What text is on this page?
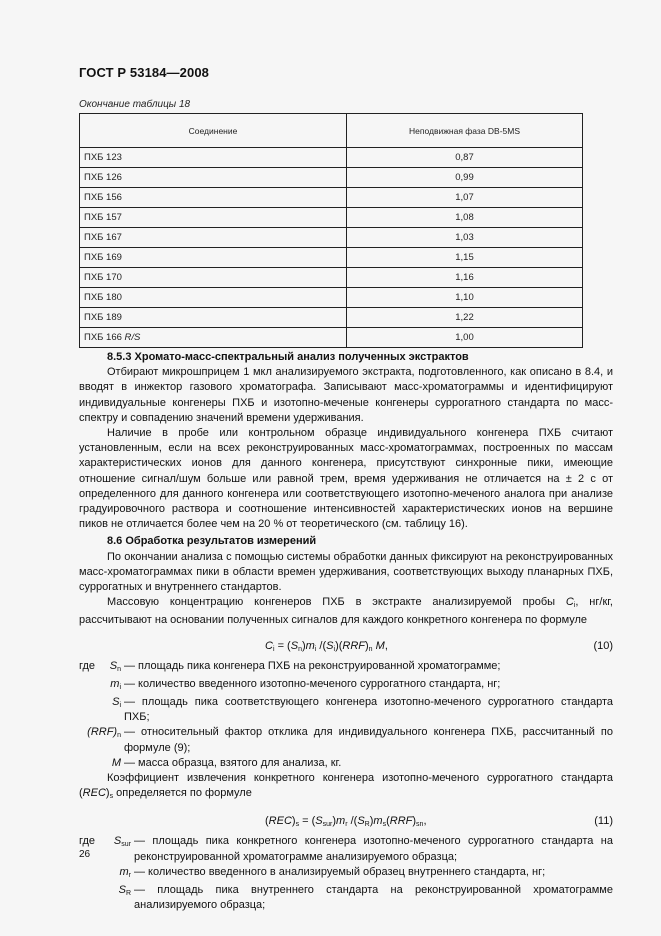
ГОСТ Р 53184—2008
Окончание таблицы 18
Соединение	Неподвижная фаза DB-5MS
ПХБ 123	0,87
ПХБ 126	0,99
ПХБ 156	1,07
ПХБ 157	1,08
ПХБ 167	1,03
ПХБ 169	1,15
ПХБ 170	1,16
ПХБ 180	1,10
ПХБ 189	1,22
ПХБ 166 R/S	1,00

8.5.3 Хромато-масс-спектральный анализ полученных экстрактов

Отбирают микрошприцем 1 мкл анализируемого экстракта, подготовленного, как описано в 8.4, и вводят в инжектор газового хроматографа. Записывают масс-хроматограммы и идентифицируют индивидуальные конгенеры ПХБ и изотопно-меченые конгенеры суррогатного стандарта по масс-спектру и совпадению значений времени удерживания.

Наличие в пробе или контрольном образце индивидуального конгенера ПХБ считают установленным, если на всех реконструированных масс-хроматограммах, построенных по массам характеристических ионов для данного конгенера, присутствуют синхронные пики, имеющие отношение сигнал/шум больше или равной трем, время удерживания не отличается на ± 2 с от определенного для данного конгенера или соответствующего изотопно-меченого аналога при анализе градуировочного раствора и соотношение интенсивностей характеристических ионов на вершине пиков не отличается более чем на 20 % от теоретического (см. таблицу 16).

8.6 Обработка результатов измерений

По окончании анализа с помощью системы обработки данных фиксируют на реконструированных масс-хроматограммах пики в области времен удерживания, соответствующих выходу планарных ПХБ, суррогатных и внутреннего стандартов.

Массовую концентрацию конгенеров ПХБ в экстракте анализируемой пробы $C_i$, нг/кг, рассчитывают на основании полученных сигналов для каждого конкретного конгенера по формуле

$C_i = (S_n)m_i$ $/(S_i)(RRF)_n$ M,	(10)
где $S_n$ — площадь пика конгенера ПХБ на реконструированной хроматограмме;
$m_i$ — количество введенного изотопно-меченого суррогатного стандарта, нг;
$S_i$ — площадь пика соответствующего конгенера изотопно-меченого суррогатного стандарта ПХБ;
$(RRF)_n$ — относительный фактор отклика для индивидуального конгенера ПХБ, рассчитанный по формуле (9);
M — масса образца, взятого для анализа, кг.

Коэффициент извлечения конкретного конгенера изотопно-меченого суррогатного стандарта $(REC)_s$ определяется по формуле

$(REC)_s = (S_{sur})m_r$ $/(S_R)m_s(RRF)_{sn}$,	(11)
где $S_{sur}$ — площадь пика конкретного конгенера изотопно-меченого суррогатного стандарта на реконструированной хроматограмме анализируемого образца;
$m_r$ — количество введенного в анализируемый образец внутреннего стандарта, нг;
$S_R$ — площадь пика внутреннего стандарта на реконструированной хроматограмме анализируемого образца;
26
